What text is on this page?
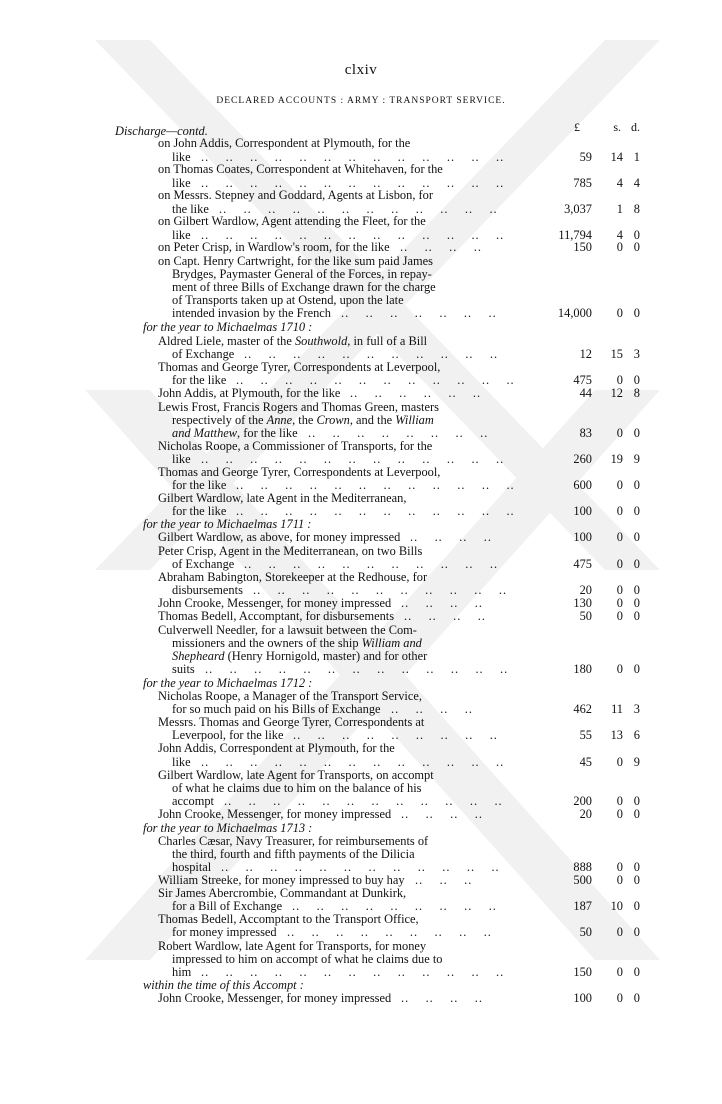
clxiv
DECLARED ACCOUNTS : ARMY : TRANSPORT SERVICE.
£	s. d.
Discharge—contd.
on John Addis, Correspondent at Plymouth, for the
like ..    ..    ..    ..    ..    ..    ..    ..    ..    ..    ..    ..    ..	59 14 1
on Thomas Coates, Correspondent at Whitehaven, for the
like ..    ..    ..    ..    ..    ..    ..    ..    ..    ..    ..    ..    ..	785 4 4
on Messrs. Stepney and Goddard, Agents at Lisbon, for
the like ..    ..    ..    ..    ..    ..    ..    ..    ..    ..    ..    ..	3,037 1 8
on Gilbert Wardlow, Agent attending the Fleet, for the
like ..    ..    ..    ..    ..    ..    ..    ..    ..    ..    ..    ..    ..	11,794 4 0
on Peter Crisp, in Wardlow's room, for the like ..    ..    ..    ..	150 0 0
on Capt. Henry Cartwright, for the like sum paid James
Brydges, Paymaster General of the Forces, in repay-
ment of three Bills of Exchange drawn for the charge
of Transports taken up at Ostend, upon the late
intended invasion by the French ..    ..    ..    ..    ..    ..    ..	14,000 0 0
for the year to Michaelmas 1710 :
Aldred Liele, master of the Southwold, in full of a Bill
of Exchange ..    ..    ..    ..    ..    ..    ..    ..    ..    ..    ..	12 15 3
Thomas and George Tyrer, Correspondents at Leverpool,
for the like ..    ..    ..    ..    ..    ..    ..    ..    ..    ..    ..    ..	475 0 0
John Addis, at Plymouth, for the like ..    ..    ..    ..    ..    ..	44 12 8
Lewis Frost, Francis Rogers and Thomas Green, masters
respectively of the Anne, the Crown, and the William
and Matthew, for the like ..    ..    ..    ..    ..    ..    ..    ..	83 0 0
Nicholas Roope, a Commissioner of Transports, for the
like ..    ..    ..    ..    ..    ..    ..    ..    ..    ..    ..    ..    ..	260 19 9
Thomas and George Tyrer, Correspondents at Leverpool,
for the like ..    ..    ..    ..    ..    ..    ..    ..    ..    ..    ..    ..	600 0 0
Gilbert Wardlow, late Agent in the Mediterranean,
for the like ..    ..    ..    ..    ..    ..    ..    ..    ..    ..    ..    ..	100 0 0
for the year to Michaelmas 1711 :
Gilbert Wardlow, as above, for money impressed ..    ..    ..    ..	100 0 0
Peter Crisp, Agent in the Mediterranean, on two Bills
of Exchange ..    ..    ..    ..    ..    ..    ..    ..    ..    ..    ..	475 0 0
Abraham Babington, Storekeeper at the Redhouse, for
disbursements ..    ..    ..    ..    ..    ..    ..    ..    ..    ..    ..	20 0 0
John Crooke, Messenger, for money impressed ..    ..    ..    ..	130 0 0
Thomas Bedell, Accomptant, for disbursements ..    ..    ..    ..	50 0 0
Culverwell Needler, for a lawsuit between the Com-
missioners and the owners of the ship William and
Shepheard (Henry Hornigold, master) and for other
suits ..    ..    ..    ..    ..    ..    ..    ..    ..    ..    ..    ..    ..	180 0 0
for the year to Michaelmas 1712 :
Nicholas Roope, a Manager of the Transport Service,
for so much paid on his Bills of Exchange ..    ..    ..    ..	462 11 3
Messrs. Thomas and George Tyrer, Correspondents at
Leverpool, for the like ..    ..    ..    ..    ..    ..    ..    ..    ..	55 13 6
John Addis, Correspondent at Plymouth, for the
like ..    ..    ..    ..    ..    ..    ..    ..    ..    ..    ..    ..    ..	45 0 9
Gilbert Wardlow, late Agent for Transports, on accompt
of what he claims due to him on the balance of his
accompt ..    ..    ..    ..    ..    ..    ..    ..    ..    ..    ..    ..	200 0 0
John Crooke, Messenger, for money impressed ..    ..    ..    ..	20 0 0
for the year to Michaelmas 1713 :
Charles Cæsar, Navy Treasurer, for reimbursements of
the third, fourth and fifth payments of the Dilicia
hospital ..    ..    ..    ..    ..    ..    ..    ..    ..    ..    ..    ..	888 0 0
William Streeke, for money impressed to buy hay ..    ..    ..	500 0 0
Sir James Abercrombie, Commandant at Dunkirk,
for a Bill of Exchange ..    ..    ..    ..    ..    ..    ..    ..    ..	187 10 0
Thomas Bedell, Accomptant to the Transport Office,
for money impressed ..    ..    ..    ..    ..    ..    ..    ..    ..	50 0 0
Robert Wardlow, late Agent for Transports, for money
impressed to him on accompt of what he claims due to
him ..    ..    ..    ..    ..    ..    ..    ..    ..    ..    ..    ..    ..	150 0 0
within the time of this Accompt :
John Crooke, Messenger, for money impressed ..    ..    ..    ..	100 0 0
